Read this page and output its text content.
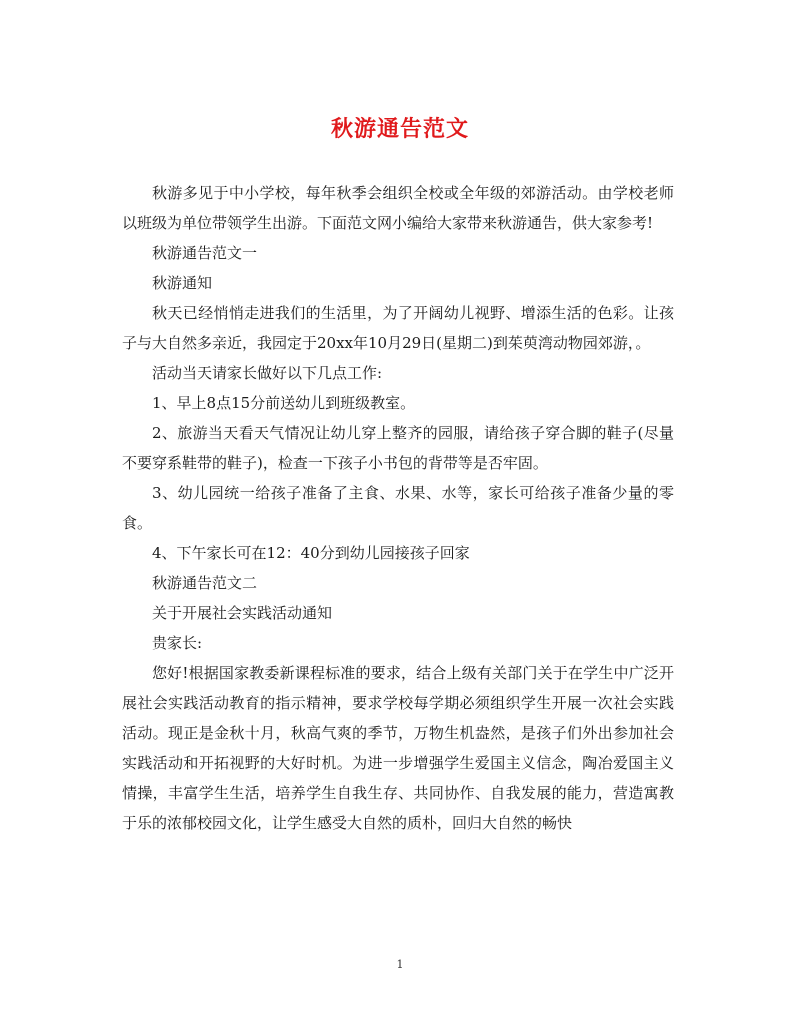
秋游通告范文

秋游多见于中小学校，每年秋季会组织全校或全年级的郊游活动。由学校老师以班级为单位带领学生出游。下面范文网小编给大家带来秋游通告，供大家参考!

秋游通告范文一

秋游通知

秋天已经悄悄走进我们的生活里，为了开阔幼儿视野、增添生活的色彩。让孩子与大自然多亲近，我园定于20xx年10月29日(星期二)到茱萸湾动物园郊游，。

活动当天请家长做好以下几点工作:

1、早上8点15分前送幼儿到班级教室。

2、旅游当天看天气情况让幼儿穿上整齐的园服，请给孩子穿合脚的鞋子(尽量不要穿系鞋带的鞋子)，检查一下孩子小书包的背带等是否牢固。

3、幼儿园统一给孩子准备了主食、水果、水等，家长可给孩子准备少量的零食。

4、下午家长可在12：40分到幼儿园接孩子回家

秋游通告范文二

关于开展社会实践活动通知

贵家长:

您好!根据国家教委新课程标准的要求，结合上级有关部门关于在学生中广泛开展社会实践活动教育的指示精神，要求学校每学期必须组织学生开展一次社会实践活动。现正是金秋十月，秋高气爽的季节，万物生机盎然，是孩子们外出参加社会实践活动和开拓视野的大好时机。为进一步增强学生爱国主义信念，陶冶爱国主义情操，丰富学生生活，培养学生自我生存、共同协作、自我发展的能力，营造寓教于乐的浓郁校园文化，让学生感受大自然的质朴，回归大自然的畅快

1
